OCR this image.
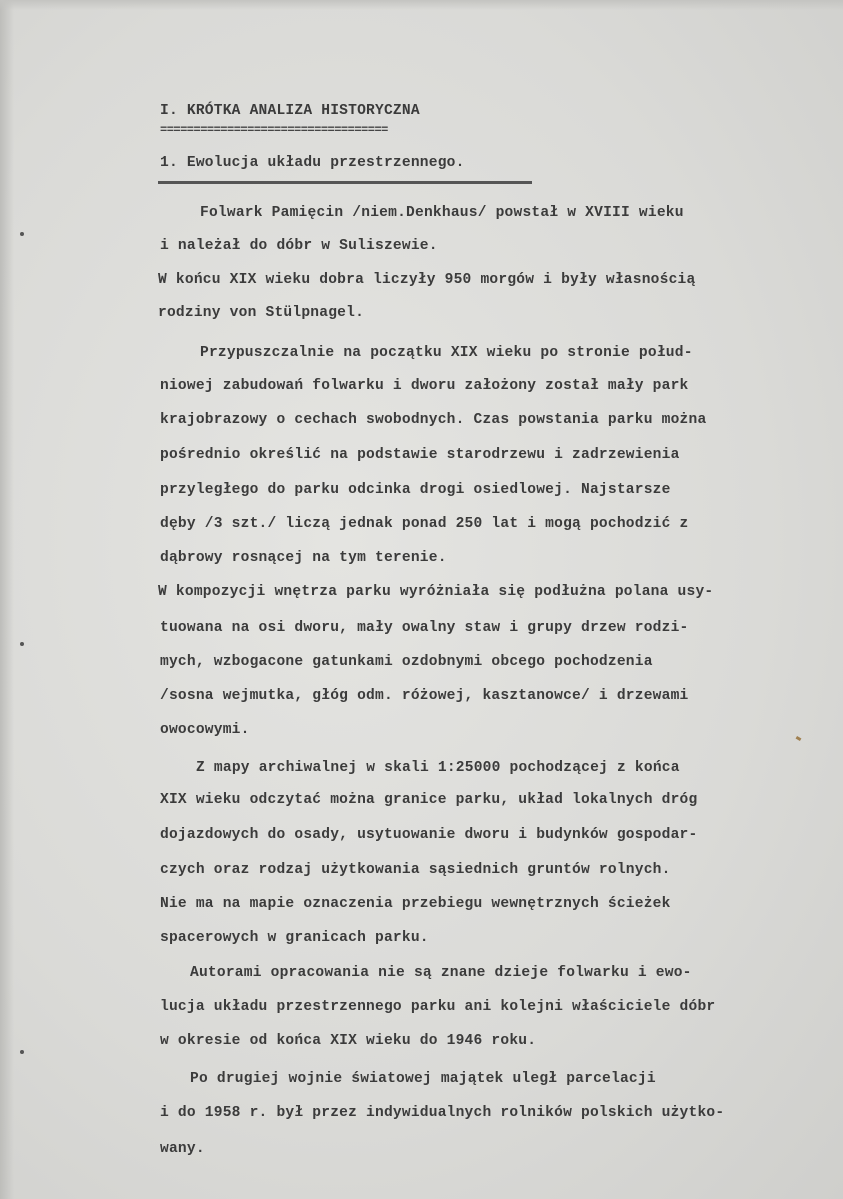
I. KRÓTKA ANALIZA HISTORYCZNA
==================================
1. Ewolucja układu przestrzennego.
Folwark Pamięcin /niem.Denkhaus/ powstał w XVIII wieku
i należał do dóbr w Suliszewie.
W końcu XIX wieku dobra liczyły 950 morgów i były własnością
rodziny von Stülpnagel.
Przypuszczalnie na początku XIX wieku po stronie połud-
niowej zabudowań folwarku i dworu założony został mały park
krajobrazowy o cechach swobodnych. Czas powstania parku można
pośrednio określić na podstawie starodrzewu i zadrzewienia
przyległego do parku odcinka drogi osiedlowej. Najstarsze
dęby /3 szt./ liczą jednak ponad 250 lat i mogą pochodzić z
dąbrowy rosnącej na tym terenie.
W kompozycji wnętrza parku wyróżniała się podłużna polana usy-
tuowana na osi dworu, mały owalny staw i grupy drzew rodzi-
mych, wzbogacone gatunkami ozdobnymi obcego pochodzenia
/sosna wejmutka, głóg odm. różowej, kasztanowce/ i drzewami
owocowymi.
Z mapy archiwalnej w skali 1:25000 pochodzącej z końca
XIX wieku odczytać można granice parku, układ lokalnych dróg
dojazdowych do osady, usytuowanie dworu i budynków gospodar-
czych oraz rodzaj użytkowania sąsiednich gruntów rolnych.
Nie ma na mapie oznaczenia przebiegu wewnętrznych ścieżek
spacerowych w granicach parku.
Autorami opracowania nie są znane dzieje folwarku i ewo-
lucja układu przestrzennego parku ani kolejni właściciele dóbr
w okresie od końca XIX wieku do 1946 roku.
Po drugiej wojnie światowej majątek uległ parcelacji
i do 1958 r. był przez indywidualnych rolników polskich użytko-
wany.
